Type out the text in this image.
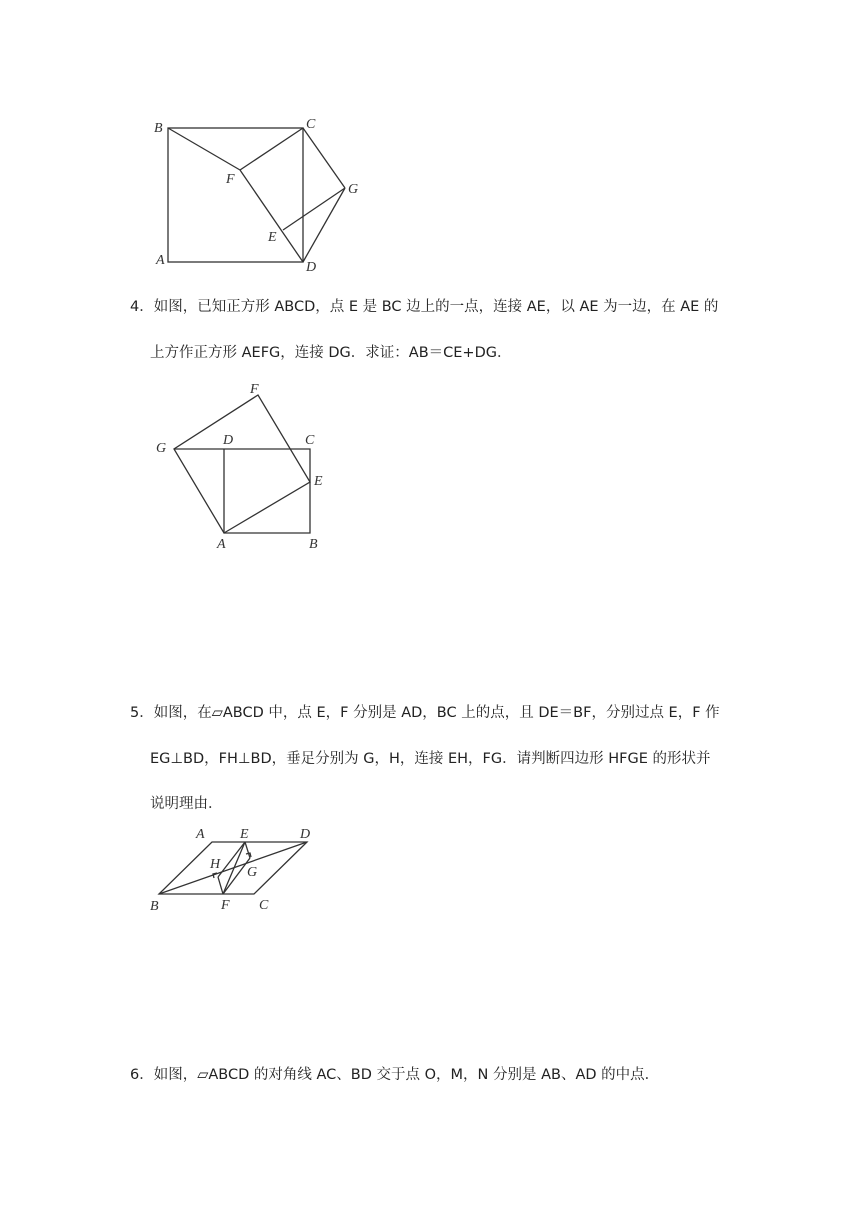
B	C
F
G
E
A	D
4．如图，已知正方形 ABCD，点 E 是 BC 边上的一点，连接 AE，以 AE 为一边，在 AE 的
上方作正方形 AEFG，连接 DG．求证：AB＝CE+DG．
F
G
D	C
E
A	B
5．如图，在▱ABCD 中，点 E，F 分别是 AD，BC 上的点，且 DE＝BF，分别过点 E，F 作
EG⊥BD，FH⊥BD，垂足分别为 G，H，连接 EH，FG．请判断四边形 HFGE 的形状并
说明理由．
A	E	D
H
G
B	F C
6．如图，▱ABCD 的对角线 AC、BD 交于点 O，M，N 分别是 AB、AD 的中点．
